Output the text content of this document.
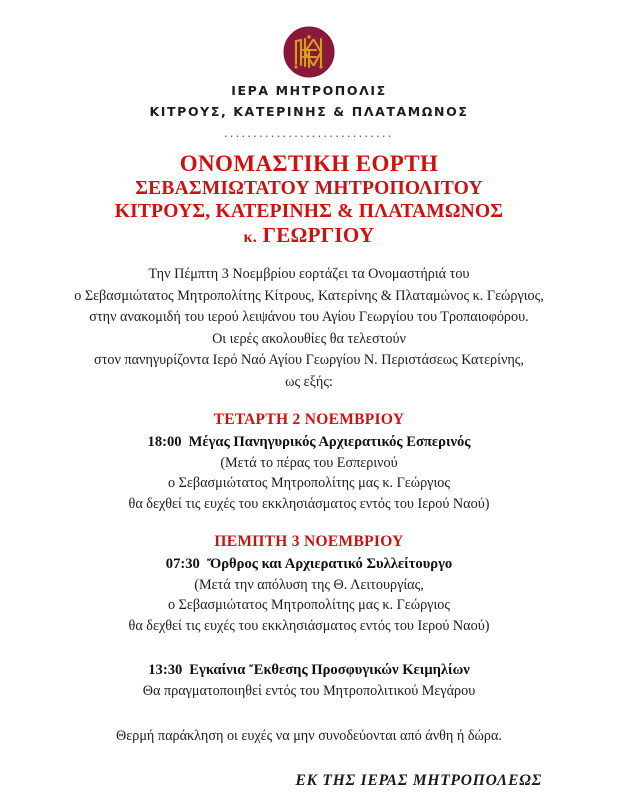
ΙΕΡΑ ΜΗΤΡΟΠΟΛΙΣ
ΚΙΤΡΟΥΣ, ΚΑΤΕΡΙΝΗΣ & ΠΛΑΤΑΜΩΝΟΣ
.............................
ΟΝΟΜΑΣΤΙΚΗ ΕΟΡΤΗ
ΣΕΒΑΣΜΙΩΤΑΤΟΥ ΜΗΤΡΟΠΟΛΙΤΟΥ
ΚΙΤΡΟΥΣ, ΚΑΤΕΡΙΝΗΣ & ΠΛΑΤΑΜΩΝΟΣ
κ. ΓΕΩΡΓΙΟΥ
Την Πέμπτη 3 Νοεμβρίου εορτάζει τα Ονομαστήριά του
ο Σεβασμιώτατος Μητροπολίτης Κίτρους, Κατερίνης & Πλαταμώνος κ. Γεώργιος,
στην ανακομιδή του ιερού λειψάνου του Αγίου Γεωργίου του Τροπαιοφόρου.
Οι ιερές ακολουθίες θα τελεστούν
στον πανηγυρίζοντα Ιερό Ναό Αγίου Γεωργίου Ν. Περιστάσεως Κατερίνης,
ως εξής:
ΤΕΤΑΡΤΗ 2 ΝΟΕΜΒΡΙΟΥ
18:00 Μέγας Πανηγυρικός Αρχιερατικός Εσπερινός
(Μετά το πέρας του Εσπερινού
ο Σεβασμιώτατος Μητροπολίτης μας κ. Γεώργιος
θα δεχθεί τις ευχές του εκκλησιάσματος εντός του Ιερού Ναού)
ΠΕΜΠΤΗ 3 ΝΟΕΜΒΡΙΟΥ
07:30 Ὄρθρος και Αρχιερατικό Συλλείτουργο
(Μετά την απόλυση της Θ. Λειτουργίας,
ο Σεβασμιώτατος Μητροπολίτης μας κ. Γεώργιος
θα δεχθεί τις ευχές του εκκλησιάσματος εντός του Ιερού Ναού)
13:30 Εγκαίνια Ἔκθεσης Προσφυγικών Κειμηλίων
Θα πραγματοποιηθεί εντός του Μητροπολιτικού Μεγάρου
Θερμή παράκληση οι ευχές να μην συνοδεύονται από άνθη ή δώρα.
ΕΚ ΤΗΣ ΙΕΡΑΣ ΜΗΤΡΟΠΟΛΕΩΣ
